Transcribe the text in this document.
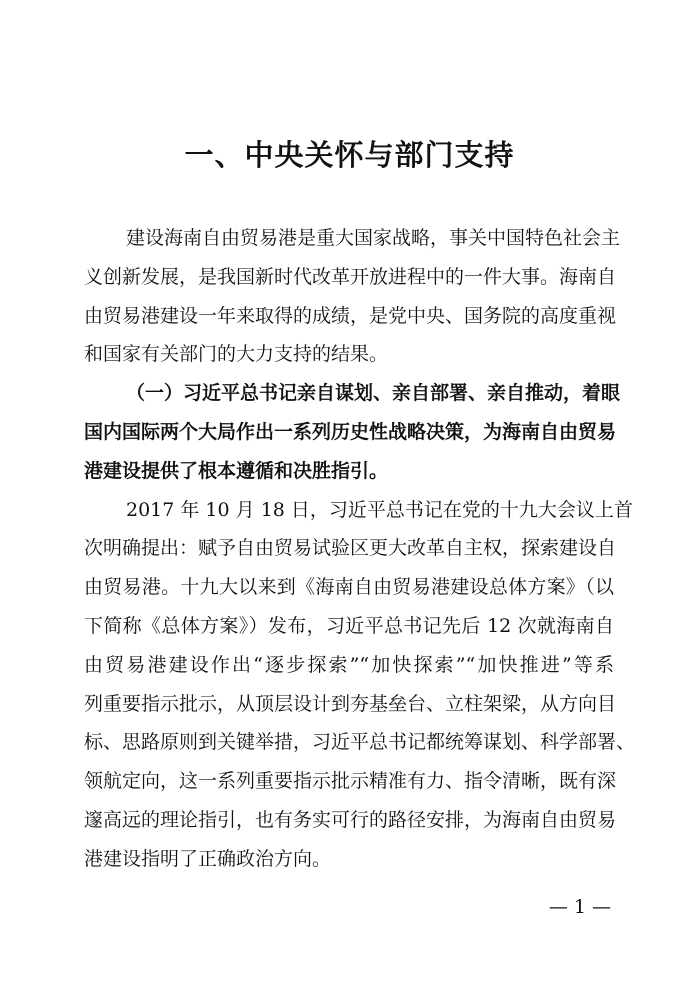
一、中央关怀与部门支持
建设海南自由贸易港是重大国家战略，事关中国特色社会主
义创新发展，是我国新时代改革开放进程中的一件大事。海南自
由贸易港建设一年来取得的成绩，是党中央、国务院的高度重视
和国家有关部门的大力支持的结果。
（一）习近平总书记亲自谋划、亲自部署、亲自推动，着眼
国内国际两个大局作出一系列历史性战略决策，为海南自由贸易
港建设提供了根本遵循和决胜指引。
2017 年 10 月 18 日，习近平总书记在党的十九大会议上首
次明确提出：赋予自由贸易试验区更大改革自主权，探索建设自
由贸易港。十九大以来到《海南自由贸易港建设总体方案》（以
下简称《总体方案》）发布，习近平总书记先后 12 次就海南自
由贸易港建设作出“逐步探索”“加快探索”“加快推进”等系
列重要指示批示，从顶层设计到夯基垒台、立柱架梁，从方向目
标、思路原则到关键举措，习近平总书记都统筹谋划、科学部署、
领航定向，这一系列重要指示批示精准有力、指令清晰，既有深
邃高远的理论指引，也有务实可行的路径安排，为海南自由贸易
港建设指明了正确政治方向。
— 1 —
